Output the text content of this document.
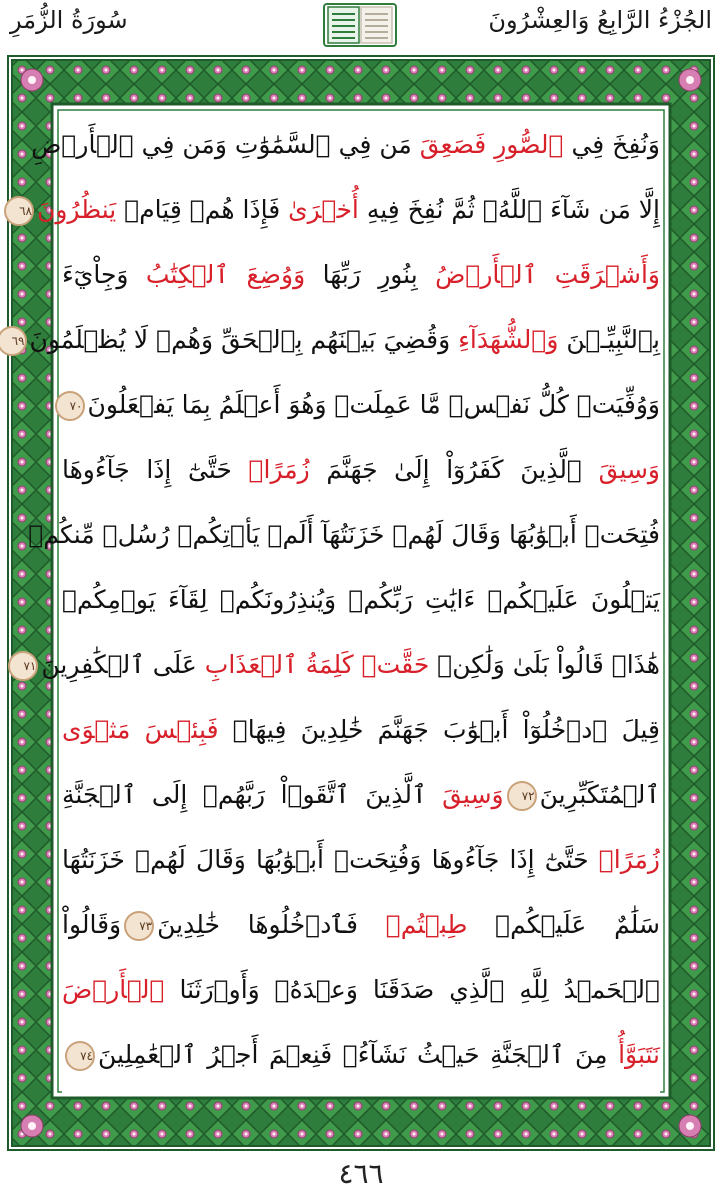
سُورَةُ الزُّمَرِ	الجُزْءُ الرَّابِعُ وَالعِشْرُونَ
وَنُفِخَ فِي ٱلصُّورِ فَصَعِقَ مَن فِي ٱلسَّمَٰوَٰتِ وَمَن فِي ٱلۡأَرۡضِ
إِلَّا مَن شَآءَ ٱللَّهُۖ ثُمَّ نُفِخَ فِيهِ أُخۡرَىٰ فَإِذَا هُمۡ قِيَامٞ يَنظُرُونَ٦٨
وَأَشۡرَقَتِ ٱلۡأَرۡضُ بِنُورِ رَبِّهَا وَوُضِعَ ٱلۡكِتَٰبُ وَجِاْيٓءَ
بِٱلنَّبِيِّـۧنَ وَٱلشُّهَدَآءِ وَقُضِيَ بَيۡنَهُم بِٱلۡحَقِّ وَهُمۡ لَا يُظۡلَمُونَ٦٩
وَوُفِّيَتۡ كُلُّ نَفۡسٖ مَّا عَمِلَتۡ وَهُوَ أَعۡلَمُ بِمَا يَفۡعَلُونَ٧٠
وَسِيقَ ٱلَّذِينَ كَفَرُوٓاْ إِلَىٰ جَهَنَّمَ زُمَرًاۖ حَتَّىٰٓ إِذَا جَآءُوهَا
فُتِحَتۡ أَبۡوَٰبُهَا وَقَالَ لَهُمۡ خَزَنَتُهَآ أَلَمۡ يَأۡتِكُمۡ رُسُلٞ مِّنكُمۡ
يَتۡلُونَ عَلَيۡكُمۡ ءَايَٰتِ رَبِّكُمۡ وَيُنذِرُونَكُمۡ لِقَآءَ يَوۡمِكُمۡ
هَٰذَاۚ قَالُواْ بَلَىٰ وَلَٰكِنۡ حَقَّتۡ كَلِمَةُ ٱلۡعَذَابِ عَلَى ٱلۡكَٰفِرِينَ٧١
قِيلَ ٱدۡخُلُوٓاْ أَبۡوَٰبَ جَهَنَّمَ خَٰلِدِينَ فِيهَاۖ فَبِئۡسَ مَثۡوَى
ٱلۡمُتَكَبِّرِينَ٧٢وَسِيقَ ٱلَّذِينَ ٱتَّقَوۡاْ رَبَّهُمۡ إِلَى ٱلۡجَنَّةِ
زُمَرًاۖ حَتَّىٰٓ إِذَا جَآءُوهَا وَفُتِحَتۡ أَبۡوَٰبُهَا وَقَالَ لَهُمۡ خَزَنَتُهَا
سَلَٰمٌ عَلَيۡكُمۡ طِبۡتُمۡ فَٱدۡخُلُوهَا خَٰلِدِينَ٧٣وَقَالُواْ
ٱلۡحَمۡدُ لِلَّهِ ٱلَّذِي صَدَقَنَا وَعۡدَهُۥ وَأَوۡرَثَنَا ٱلۡأَرۡضَ
نَتَبَوَّأُ مِنَ ٱلۡجَنَّةِ حَيۡثُ نَشَآءُۖ فَنِعۡمَ أَجۡرُ ٱلۡعَٰمِلِينَ٧٤
٤٦٦
